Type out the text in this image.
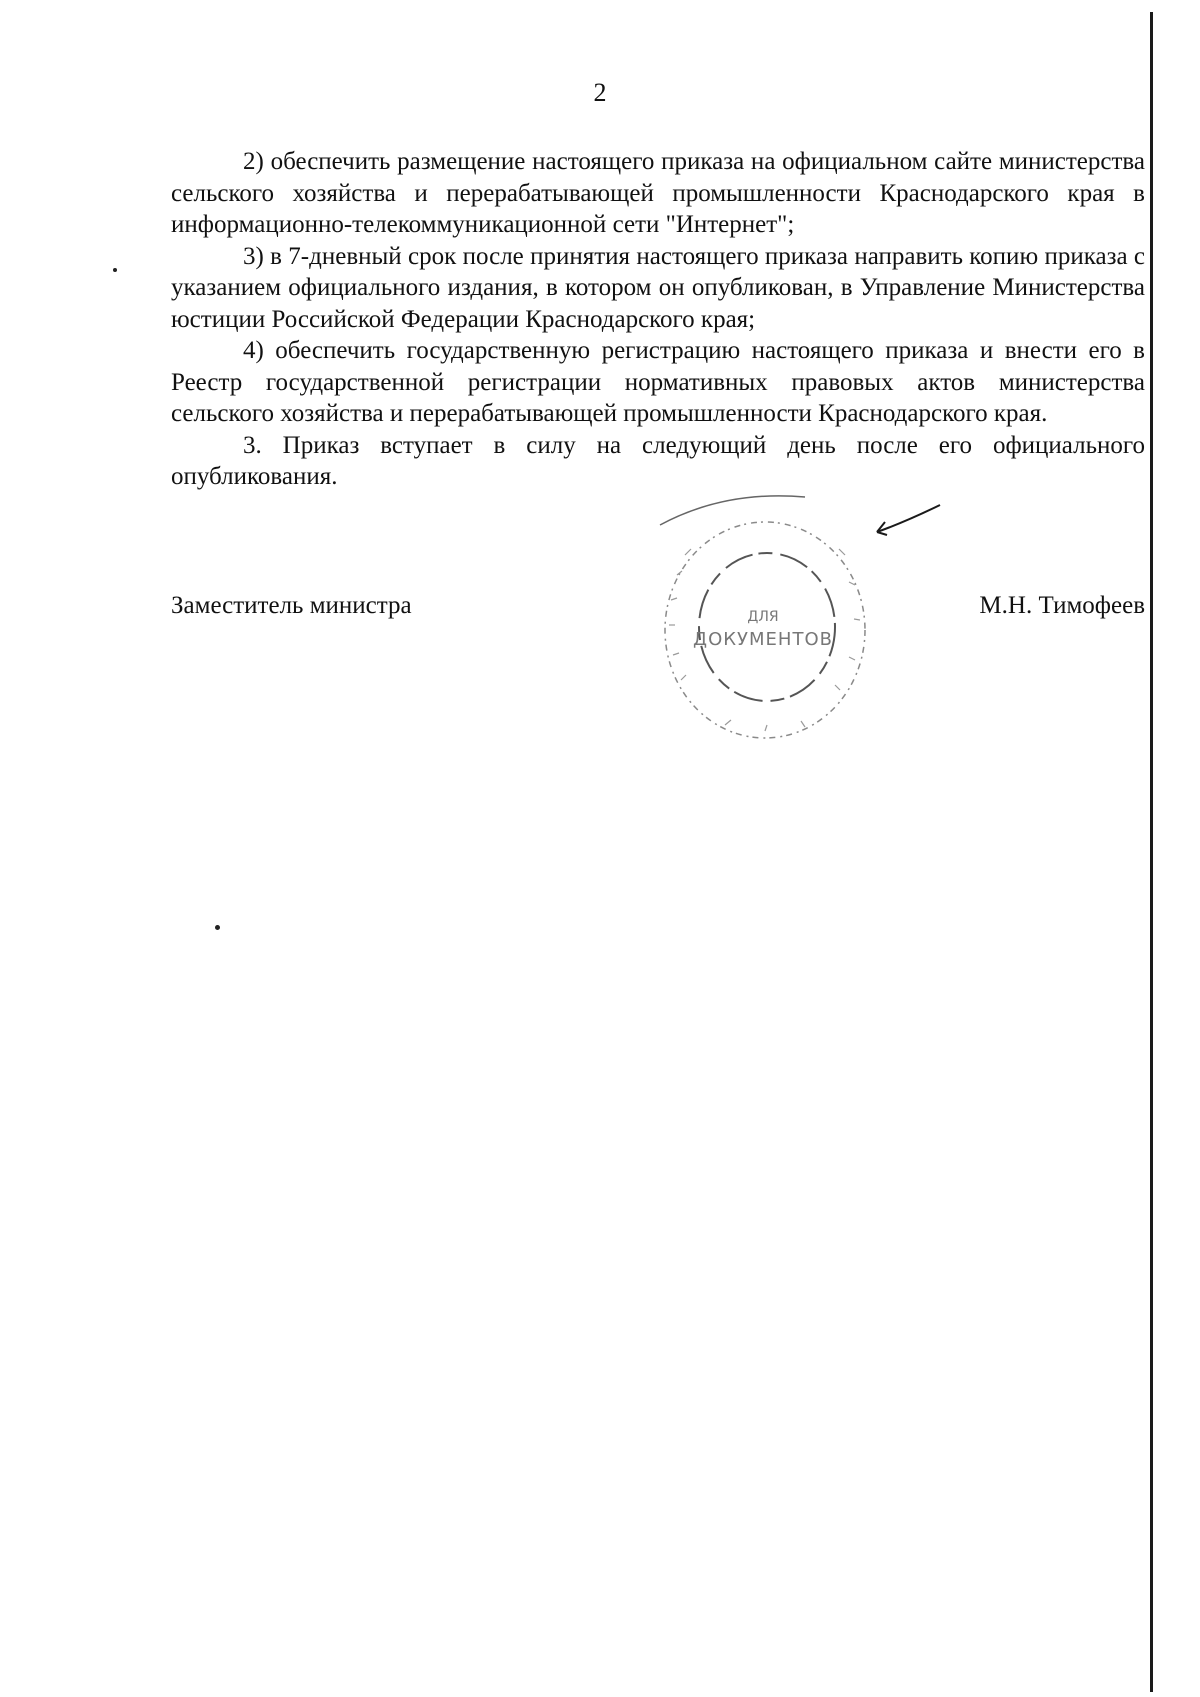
2

2) обеспечить размещение настоящего приказа на официальном сайте министерства сельского хозяйства и перерабатывающей промышленности Краснодарского края в информационно-телекоммуникационной сети "Интернет";

3) в 7-дневный срок после принятия настоящего приказа направить копию приказа с указанием официального издания, в котором он опубликован, в Управление Министерства юстиции Российской Федерации Краснодарского края;

4) обеспечить государственную регистрацию настоящего приказа и внести его в Реестр государственной регистрации нормативных правовых актов министерства сельского хозяйства и перерабатывающей промышленности Краснодарского края.

3. Приказ вступает в силу на следующий день после его официального опубликования.

ДЛЯ
ДОКУМЕНТОВ
Заместитель министра	М.Н. Тимофеев
